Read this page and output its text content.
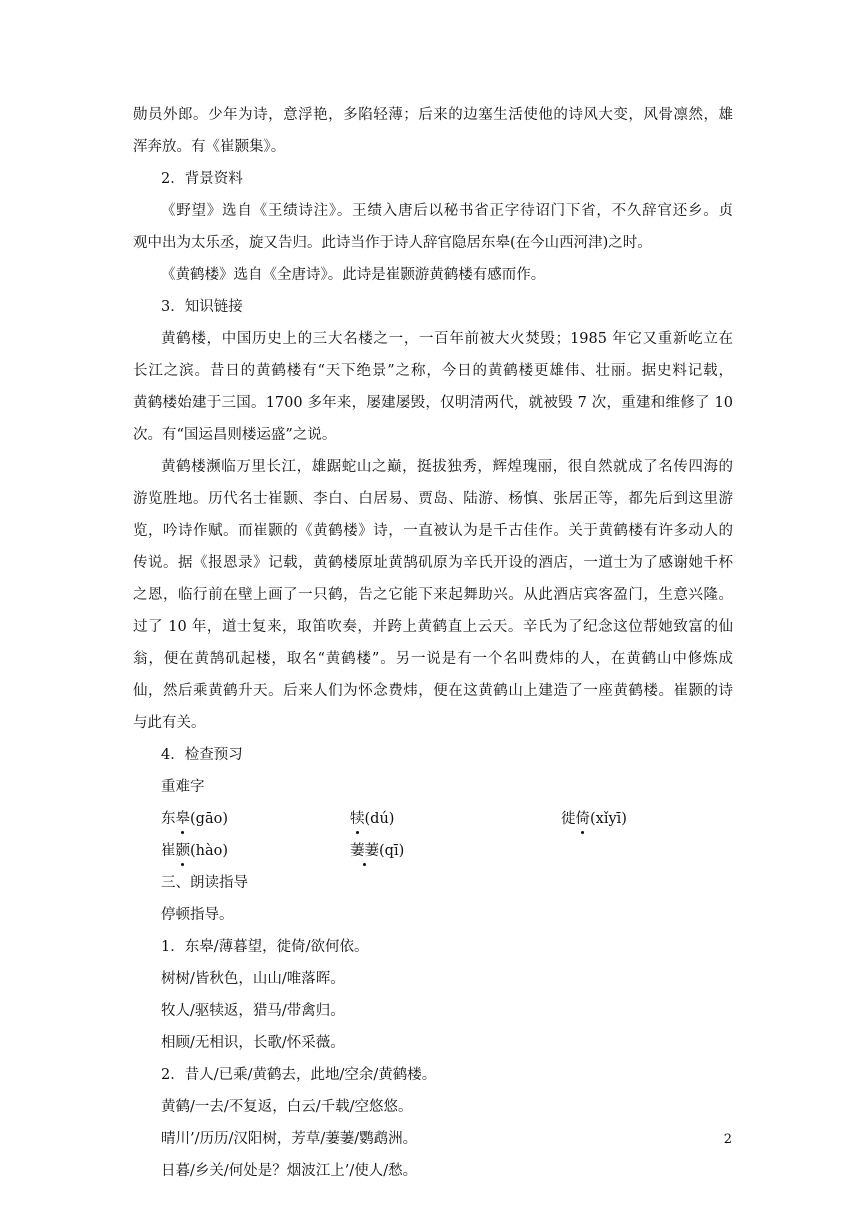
勋员外郎。少年为诗，意浮艳，多陷轻薄；后来的边塞生活使他的诗风大变，风骨凛然，雄
浑奔放。有《崔颢集》。
2．背景资料
《野望》选自《王绩诗注》。王绩入唐后以秘书省正字待诏门下省，不久辞官还乡。贞
观中出为太乐丞，旋又告归。此诗当作于诗人辞官隐居东皋(在今山西河津)之时。
《黄鹤楼》选自《全唐诗》。此诗是崔颢游黄鹤楼有感而作。
3．知识链接
黄鹤楼，中国历史上的三大名楼之一，一百年前被大火焚毁；1985 年它又重新屹立在
长江之滨。昔日的黄鹤楼有“天下绝景”之称，今日的黄鹤楼更雄伟、壮丽。据史料记载，
黄鹤楼始建于三国。1700 多年来，屡建屡毁，仅明清两代，就被毁 7 次，重建和维修了 10
次。有“国运昌则楼运盛”之说。
黄鹤楼濒临万里长江，雄踞蛇山之巅，挺拔独秀，辉煌瑰丽，很自然就成了名传四海的
游览胜地。历代名士崔颢、李白、白居易、贾岛、陆游、杨慎、张居正等，都先后到这里游
览，吟诗作赋。而崔颢的《黄鹤楼》诗，一直被认为是千古佳作。关于黄鹤楼有许多动人的
传说。据《报恩录》记载，黄鹤楼原址黄鹄矶原为辛氏开设的酒店，一道士为了感谢她千杯
之恩，临行前在壁上画了一只鹤，告之它能下来起舞助兴。从此酒店宾客盈门，生意兴隆。
过了 10 年，道士复来，取笛吹奏，并跨上黄鹤直上云天。辛氏为了纪念这位帮她致富的仙
翁，便在黄鹄矶起楼，取名“黄鹤楼”。另一说是有一个名叫费炜的人，在黄鹤山中修炼成
仙，然后乘黄鹤升天。后来人们为怀念费炜，便在这黄鹤山上建造了一座黄鹤楼。崔颢的诗
与此有关。
4．检查预习
重难字
东皋(gāo)	犊(dú)	徙倚(xǐyī)
崔颢(hào)	萋萋(qī)
三、朗读指导
停顿指导。
1．东皋/薄暮望，徙倚/欲何依。
树树/皆秋色，山山/唯落晖。
牧人/驱犊返，猎马/带禽归。
相顾/无相识，长歌/怀采薇。
2．昔人/已乘/黄鹤去，此地/空余/黄鹤楼。
黄鹤/一去/不复返，白云/千载/空悠悠。
晴川’/历历/汉阳树，芳草/萋萋/鹦鹉洲。
日暮/乡关/何处是？烟波江上’/使人/愁。
2
